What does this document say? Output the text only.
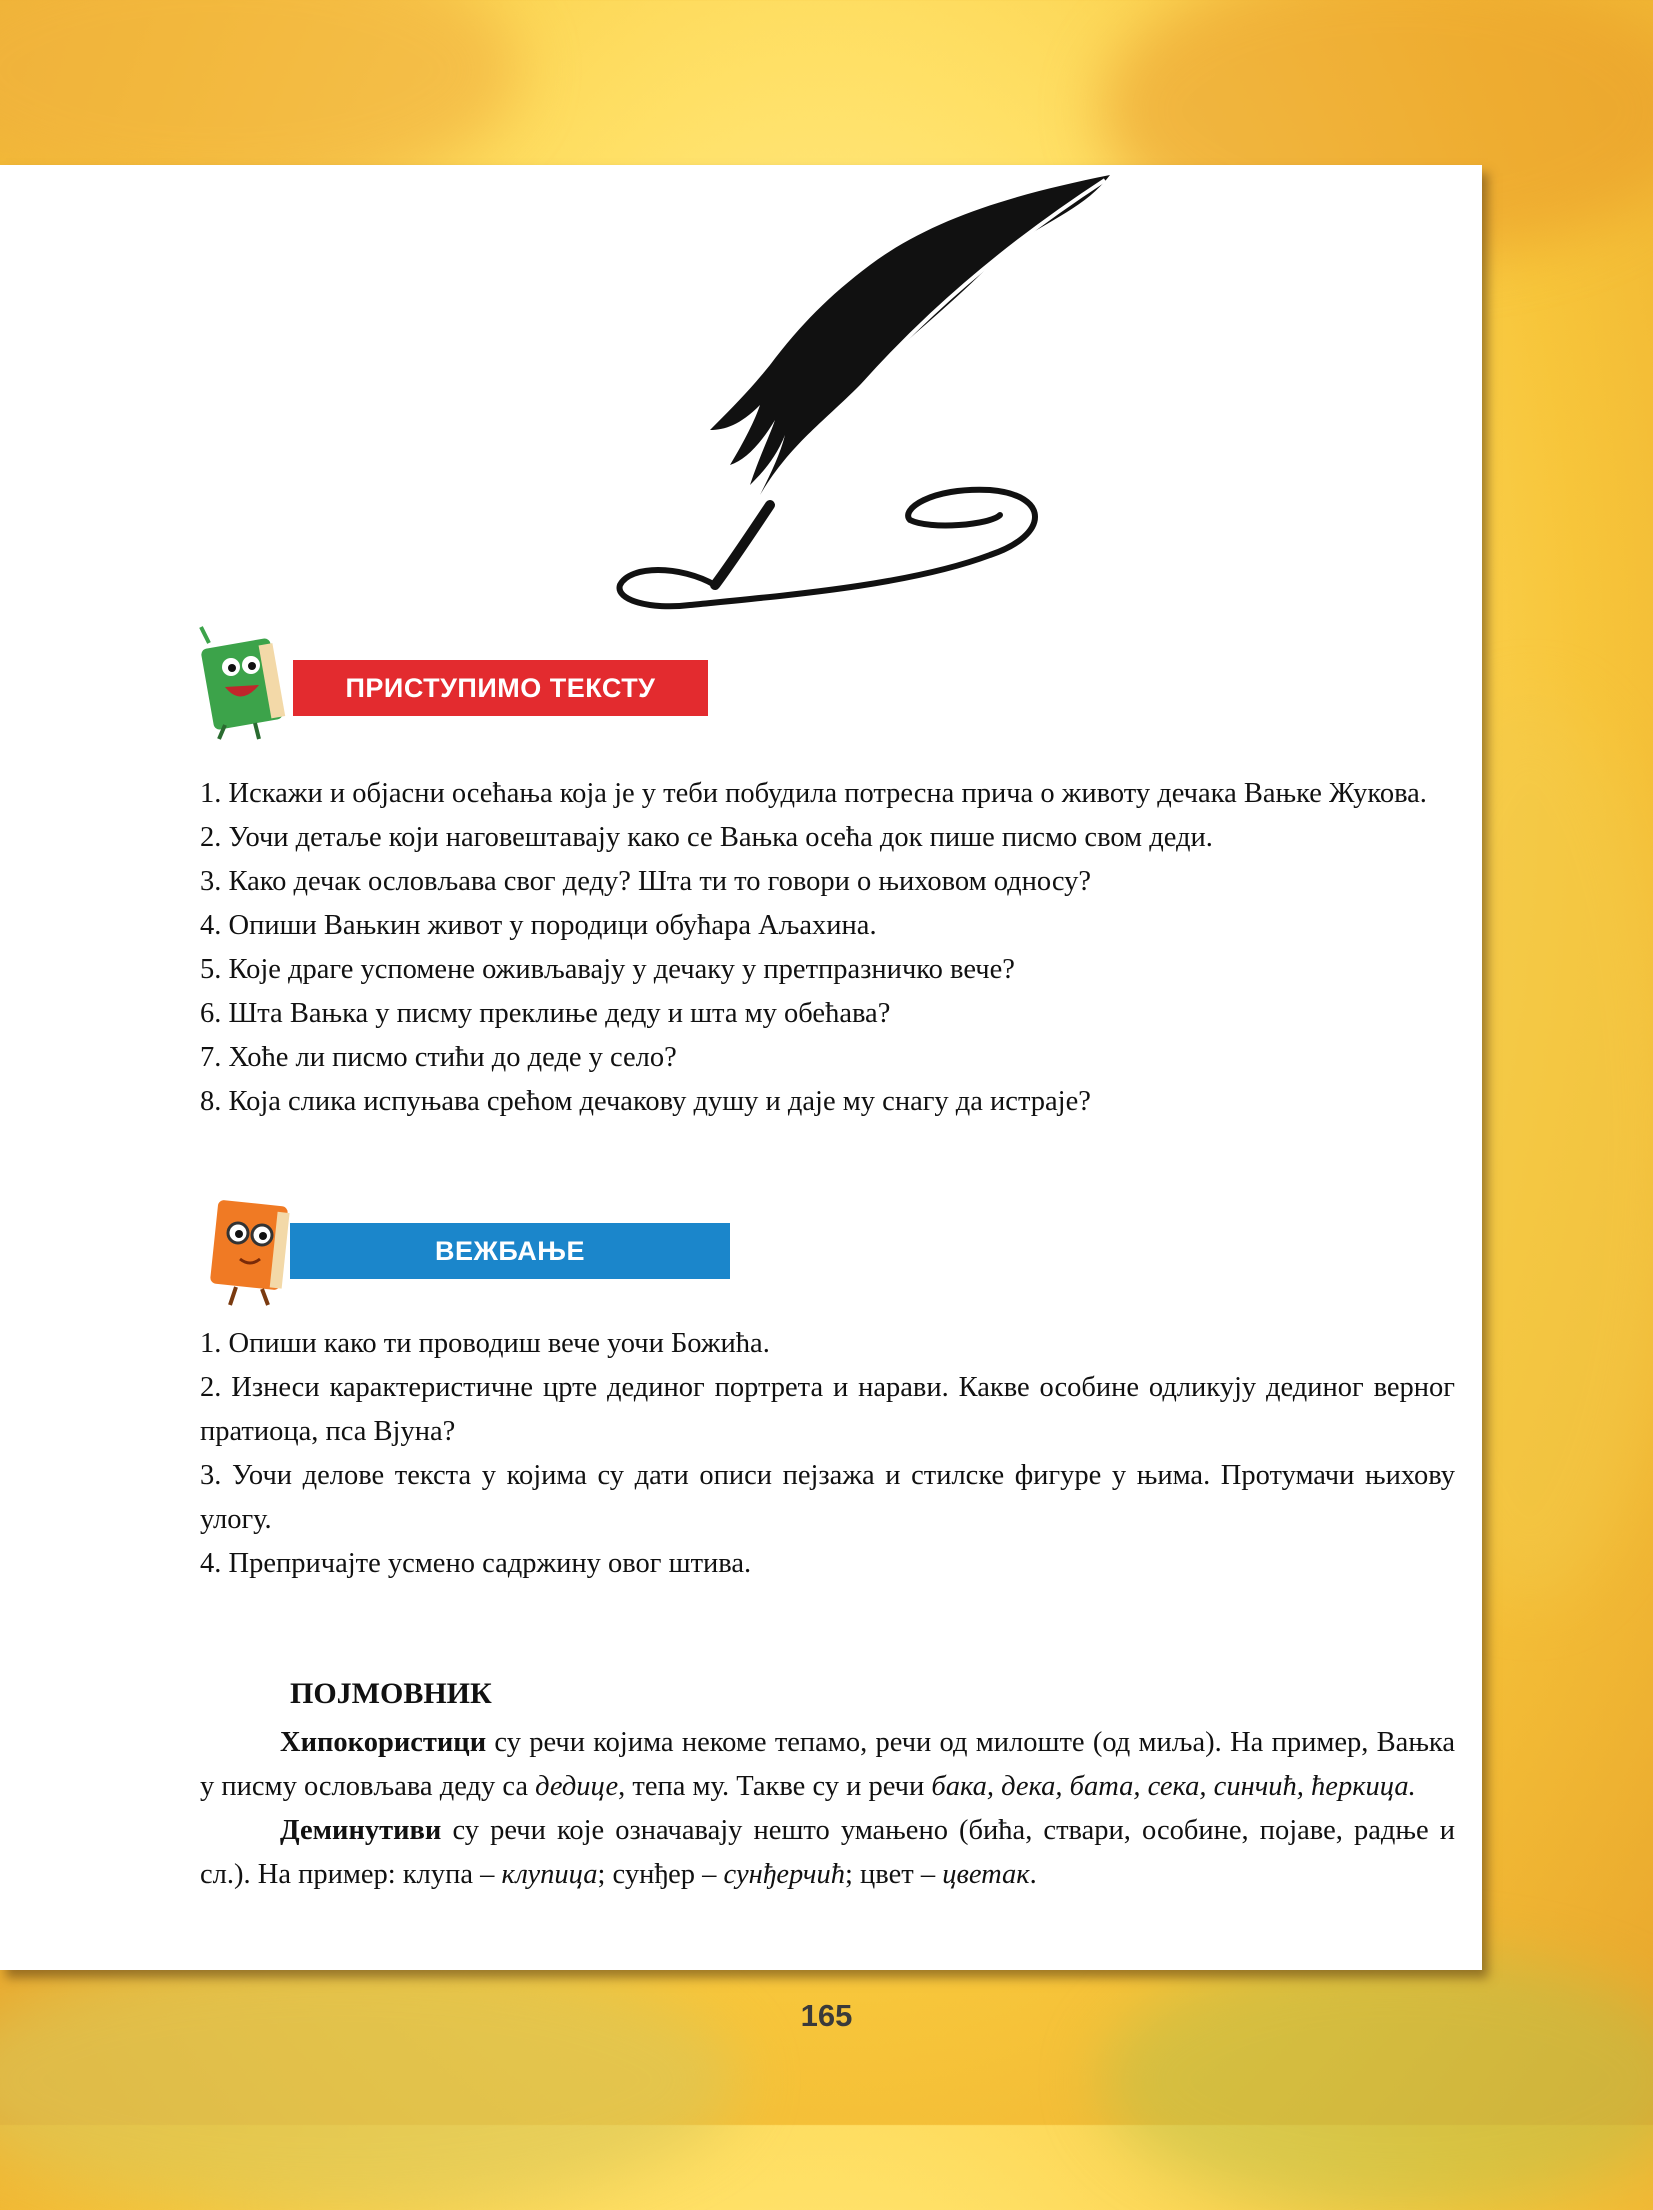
ПРИСТУПИМО ТЕКСТУ

1. Искажи и објасни осећања која је у теби побудила потресна прича о животу дечака Вањке Жукова.

2. Уочи детаље који наговештавају како се Вањка осећа док пише писмо свом деди.

3. Како дечак ословљава свог деду? Шта ти то говори о њиховом односу?

4. Опиши Вањкин живот у породици обућара Аљахина.

5. Које драге успомене оживљавају у дечаку у претпразничко вече?

6. Шта Вањка у писму преклиње деду и шта му обећава?

7. Хоће ли писмо стићи до деде у село?

8. Која слика испуњава срећом дечакову душу и даје му снагу да истраје?

ВЕЖБАЊЕ

1. Опиши како ти проводиш вече уочи Божића.

2. Изнеси карактеристичне црте дединог портрета и нарави. Какве особине одликују дединог верног пратиоца, пса Вјуна?

3. Уочи делове текста у којима су дати описи пејзажа и стилске фигуре у њима. Протумачи њихову улогу.

4. Препричајте усмено садржину овог штива.

ПОЈМОВНИК

Хипокористици су речи којима некоме тепамо, речи од милоште (од миља). На пример, Вањка у писму ословљава деду са дедице, тепа му. Такве су и речи бака, дека, бата, сека, синчић, ћеркица.

Деминутиви су речи које означавају нешто умањено (бића, ствари, особине, појаве, радње и сл.). На пример: клупа – клупица; сунђер – сунђерчић; цвет – цветак.

165
